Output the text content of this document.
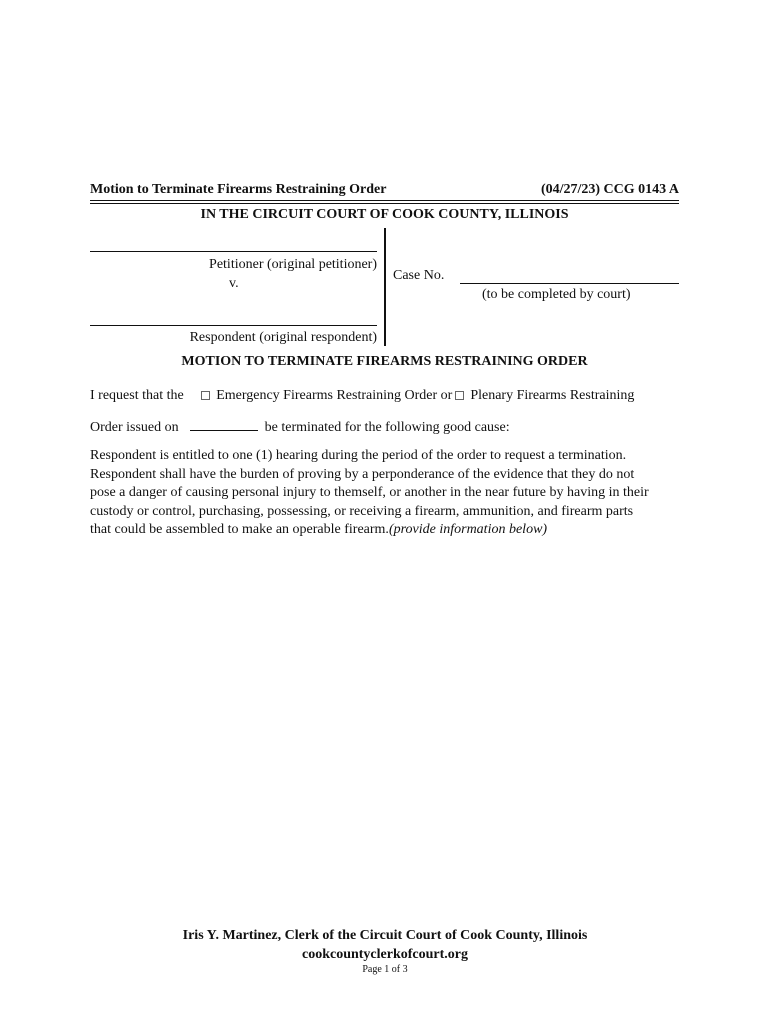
Motion to Terminate Firearms Restraining Order	(04/27/23) CCG 0143 A
IN THE CIRCUIT COURT OF COOK COUNTY, ILLINOIS
Petitioner (original petitioner)
v.
Respondent (original respondent)
Case No.
(to be completed by court)
MOTION TO TERMINATE FIREARMS RESTRAINING ORDER
I request that the Emergency Firearms Restraining Order or Plenary Firearms Restraining
Order issued on	be terminated for the following good cause:
Respondent is entitled to one (1) hearing during the period of the order to request a termination.
Respondent shall have the burden of proving by a perponderance of the evidence that they do not
pose a danger of causing personal injury to themself, or another in the near future by having in their
custody or control, purchasing, possessing, or receiving a firearm, ammunition, and firearm parts
that could be assembled to make an operable firearm.(provide information below)
Iris Y. Martinez, Clerk of the Circuit Court of Cook County, Illinois
cookcountyclerkofcourt.org
Page 1 of 3
